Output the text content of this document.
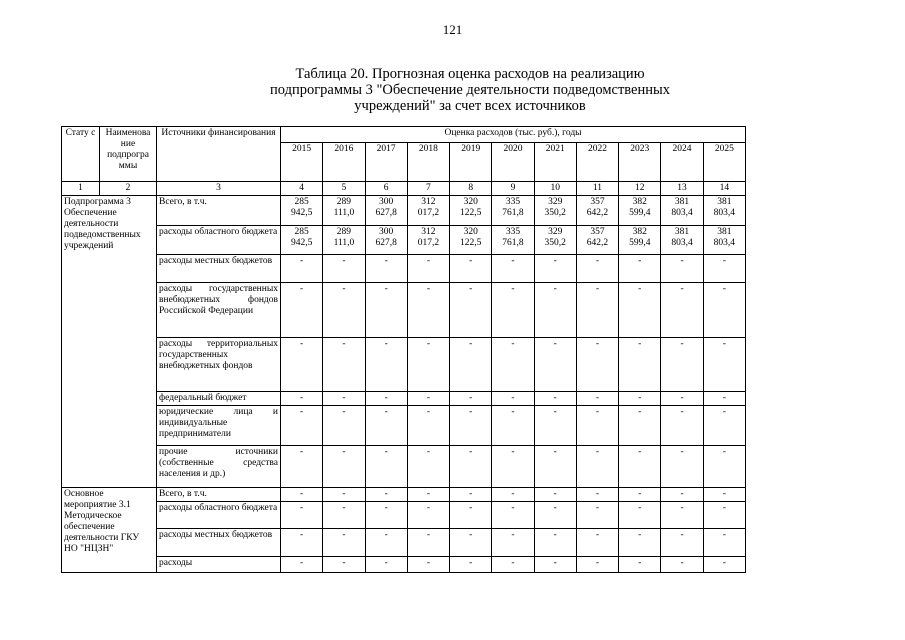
121
Таблица 20. Прогнозная оценка расходов на реализацию
подпрограммы 3 "Обеспечение деятельности подведомственных
учреждений" за счет всех источников
Стату с	Наименова ние подпрогра ммы	Источники финансирования	Оценка расходов (тыс. руб.), годы										
			2015	2016	2017	2018	2019	2020	2021	2022	2023	2024	2025
1	2	3	4	5	6	7	8	9	10	11	12	13	14
Подпрограмма 3 Обеспечение деятельности подведомственных учреждений		Всего, в т.ч.	285 942,5	289 111,0	300 627,8	312 017,2	320 122,5	335 761,8	329 350,2	357 642,2	382 599,4	381 803,4	381 803,4
		расходы областного бюджета	285 942,5	289 111,0	300 627,8	312 017,2	320 122,5	335 761,8	329 350,2	357 642,2	382 599,4	381 803,4	381 803,4
		расходы местных бюджетов	-	-	-	-	-	-	-	-	-	-	-
		расходы государственных внебюджетных фондов Российской Федерации	-	-	-	-	-	-	-	-	-	-	-
		расходы территориальных государственных внебюджетных фондов	-	-	-	-	-	-	-	-	-	-	-
		федеральный бюджет	-	-	-	-	-	-	-	-	-	-	-
		юридические лица и индивидуальные предприниматели	-	-	-	-	-	-	-	-	-	-	-
		прочие источники (собственные средства населения и др.)	-	-	-	-	-	-	-	-	-	-	-
Основное мероприятие 3.1 Методическое обеспечение деятельности ГКУ НО "НЦЗН"		Всего, в т.ч.	-	-	-	-	-	-	-	-	-	-	-
		расходы областного бюджета	-	-	-	-	-	-	-	-	-	-	-
		расходы местных бюджетов	-	-	-	-	-	-	-	-	-	-	-
		расходы	-	-	-	-	-	-	-	-	-	-	-
